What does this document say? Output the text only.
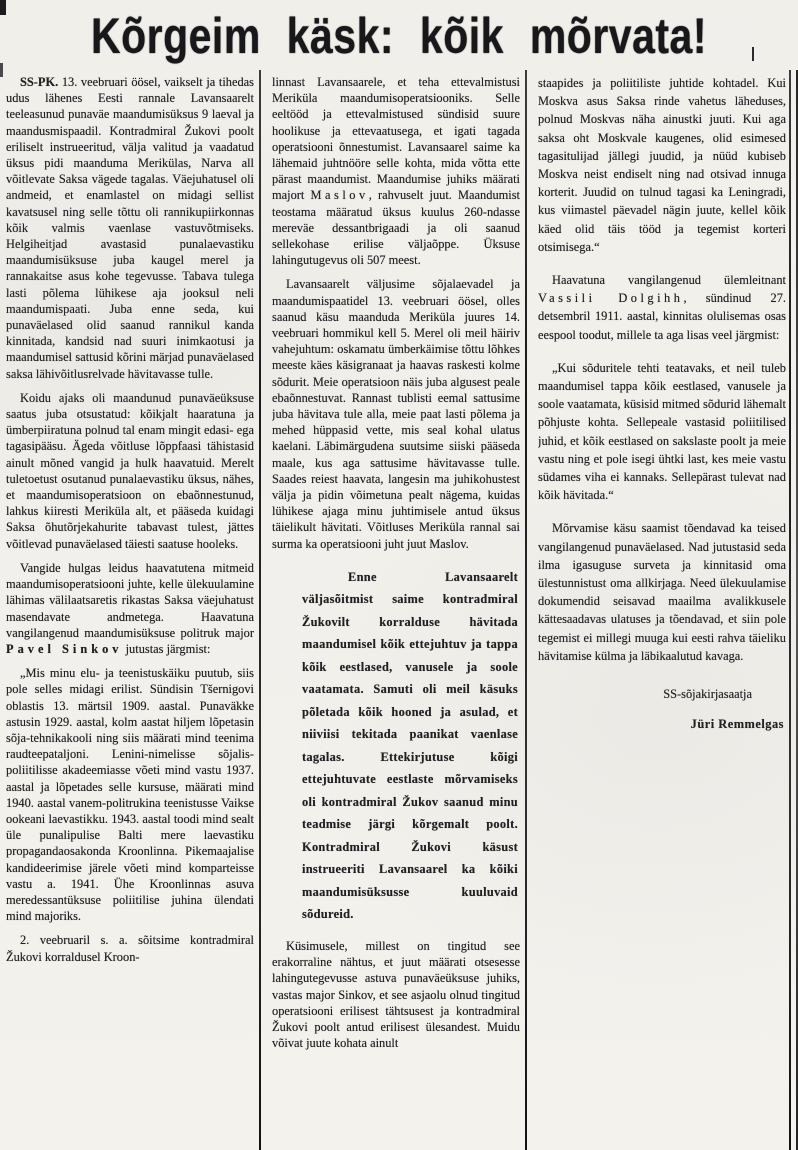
Kõrgeim käsk: kõik mõrvata!

SS-PK. 13. veebruari öösel, vaikselt ja tihedas udus lähenes Eesti rannale Lavansaarelt teeleasunud punaväe maandumisüksus 9 laeval ja maandusmispaadil. Kontradmiral Žukovi poolt eriliselt instrueeritud, välja valitud ja vaadatud üksus pidi maanduma Merikülas, Narva all võitlevate Saksa vägede tagalas. Väejuhatusel oli andmeid, et enamlastel on midagi sellist kavatsusel ning selle tõttu oli rannikupiirkonnas kõik valmis vaenlase vastuvõtmiseks. Helgiheitjad avastasid punalaevastiku maandumisüksuse juba kaugel merel ja rannakaitse asus kohe tegevusse. Tabava tulega lasti põlema lühikese aja jooksul neli maandumispaati. Juba enne seda, kui punaväelased olid saanud rannikul kanda kinnitada, kandsid nad suuri inimkaotusi ja maandumisel sattusid kõrini märjad punaväelased saksa lähivõitlusrelvade hävitavasse tulle.

Koidu ajaks oli maandunud punaväeüksuse saatus juba otsustatud: kõikjalt haaratuna ja ümberpiiratuna polnud tal enam mingit edasi- ega tagasipääsu. Ägeda võitluse lõppfaasi tähistasid ainult mõned vangid ja hulk haavatuid. Merelt tuletoetust osutanud punalaevastiku üksus, nähes, et maandumisoperatsioon on ebaõnnestunud, lahkus kiiresti Meriküla alt, et pääseda kuidagi Saksa õhutõrjekahurite tabavast tulest, jättes võitlevad punaväelased täiesti saatuse hooleks.

Vangide hulgas leidus haavatutena mitmeid maandumisoperatsiooni juhte, kelle ülekuulamine lähimas välilaatsaretis rikastas Saksa väejuhatust masendavate andmetega. Haavatuna vangilangenud maandumisüksuse politruk major Pavel Sinkov jutustas järgmist:

„Mis minu elu- ja teenistuskäiku puutub, siis pole selles midagi erilist. Sündisin Tšernigovi oblastis 13. märtsil 1909. aastal. Punaväkke astusin 1929. aastal, kolm aastat hiljem lõpetasin sõja-tehnikakooli ning siis määrati mind teenima raudteepataljoni. Lenini-nimelisse sõjalis-poliitilisse akadeemiasse võeti mind vastu 1937. aastal ja lõpetades selle kursuse, määrati mind 1940. aastal vanem-politrukina teenistusse Vaikse ookeani laevastikku. 1943. aastal toodi mind sealt üle punalipulise Balti mere laevastiku propagandaosakonda Kroonlinna. Pikemaajalise kandideerimise järele võeti mind komparteisse vastu a. 1941. Ühe Kroonlinnas asuva meredessantüksuse poliitilise juhina ülendati mind majoriks.

2. veebruaril s. a. sõitsime kontradmiral Žukovi korraldusel Kroon-

linnast Lavansaarele, et teha ettevalmistusi Meriküla maandumisoperatsiooniks. Selle eeltööd ja ettevalmistused sündisid suure hoolikuse ja ettevaatusega, et igati tagada operatsiooni õnnestumist. Lavansaarel saime ka lähemaid juhtnööre selle kohta, mida võtta ette pärast maandumist. Maandumise juhiks määrati majort Maslov, rahvuselt juut. Maandumist teostama määratud üksus kuulus 260-ndasse mereväe dessantbrigaadi ja oli saanud sellekohase erilise väljaõppe. Üksuse lahingutugevus oli 507 meest.

Lavansaarelt väljusime sõjalaevadel ja maandumispaatidel 13. veebruari öösel, olles saanud käsu maanduda Meriküla juures 14. veebruari hommikul kell 5. Merel oli meil häiriv vahejuhtum: oskamatu ümberkäimise tõttu lõhkes meeste käes käsigranaat ja haavas raskesti kolme sõdurit. Meie operatsioon näis juba algusest peale ebaõnnestuvat. Rannast tublisti eemal sattusime juba hävitava tule alla, meie paat lasti põlema ja mehed hüppasid vette, mis seal kohal ulatus kaelani. Läbimärgudena suutsime siiski pääseda maale, kus aga sattusime hävitavasse tulle. Saades reiest haavata, langesin ma juhikohustest välja ja pidin võimetuna pealt nägema, kuidas lühikese ajaga minu juhtimisele antud üksus täielikult hävitati. Võitluses Meriküla rannal sai surma ka operatsiooni juht juut Maslov.

Enne Lavansaarelt väljasõitmist saime kontradmiral Žukovilt korralduse hävitada maandumisel kõik ettejuhtuv ja tappa kõik eestlased, vanusele ja soole vaatamata. Samuti oli meil käsuks põletada kõik hooned ja asulad, et niiviisi tekitada paanikat vaenlase tagalas. Ettekirjutuse kõigi ettejuhtuvate eestlaste mõrvamiseks oli kontradmiral Žukov saanud minu teadmise järgi kõrgemalt poolt. Kontradmiral Žukovi käsust instrueeriti Lavansaarel ka kõiki maandumisüksusse kuuluvaid sõdureid.

Küsimusele, millest on tingitud see erakorraline nähtus, et juut määrati otsesesse lahingutegevusse astuva punaväeüksuse juhiks, vastas major Sinkov, et see asjaolu olnud tingitud operatsiooni erilisest tähtsusest ja kontradmiral Žukovi poolt antud erilisest ülesandest. Muidu võivat juute kohata ainult

staapides ja poliitiliste juhtide kohtadel. Kui Moskva asus Saksa rinde vahetus läheduses, polnud Moskvas näha ainustki juuti. Kui aga saksa oht Moskvale kaugenes, olid esimesed tagasitulijad jällegi juudid, ja nüüd kubiseb Moskva neist endiselt ning nad otsivad innuga korterit. Juudid on tulnud tagasi ka Leningradi, kus viimastel päevadel nägin juute, kellel kõik käed olid täis tööd ja tegemist korteri otsimisega.“

Haavatuna vangilangenud ülemleitnant Vassili Dolgihh, sündinud 27. detsembril 1911. aastal, kinnitas olulisemas osas eespool toodut, millele ta aga lisas veel järgmist:

„Kui sõduritele tehti teatavaks, et neil tuleb maandumisel tappa kõik eestlased, vanusele ja soole vaatamata, küsisid mitmed sõdurid lähemalt põhjuste kohta. Sellepeale vastasid poliitilised juhid, et kõik eestlased on sakslaste poolt ja meie vastu ning et pole isegi ühtki last, kes meie vastu südames viha ei kannaks. Sellepärast tulevat nad kõik hävitada.“

Mõrvamise käsu saamist tõendavad ka teised vangilangenud punaväelased. Nad jutustasid seda ilma igasuguse surveta ja kinnitasid oma ülestunnistust oma allkirjaga. Need ülekuulamise dokumendid seisavad maailma avalikkusele kättesaadavas ulatuses ja tõendavad, et siin pole tegemist ei millegi muuga kui eesti rahva täieliku hävitamise külma ja läbikaalutud kavaga.

SS-sõjakirjasaatja
Jüri Remmelgas
